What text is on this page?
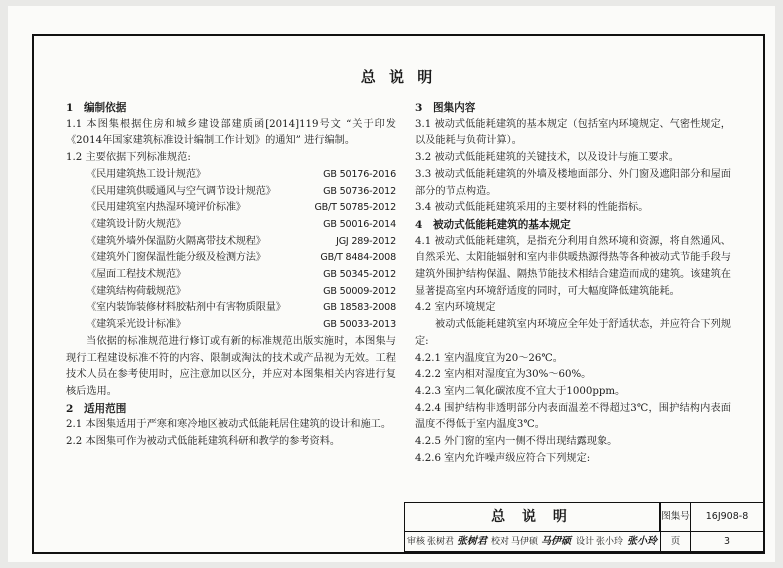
总 说 明
1　编制依据
1.1 本图集根据住房和城乡建设部建质函[2014]119号文 “关于印发《2014年国家建筑标准设计编制工作计划》的通知” 进行编制。
1.2 主要依据下列标准规范:
《民用建筑热工设计规范》	GB 50176-2016
《民用建筑供暖通风与空气调节设计规范》	GB 50736-2012
《民用建筑室内热湿环境评价标准》	GB/T 50785-2012
《建筑设计防火规范》	GB 50016-2014
《建筑外墙外保温防火隔离带技术规程》	JGJ 289-2012
《建筑外门窗保温性能分级及检测方法》	GB/T 8484-2008
《屋面工程技术规范》	GB 50345-2012
《建筑结构荷载规范》	GB 50009-2012
《室内装饰装修材料胶粘剂中有害物质限量》	GB 18583-2008
《建筑采光设计标准》	GB 50033-2013
当依据的标准规范进行修订或有新的标准规范出版实施时，本图集与现行工程建设标准不符的内容、限制或淘汰的技术或产品视为无效。工程技术人员在参考使用时，应注意加以区分，并应对本图集相关内容进行复核后选用。
2　适用范围
2.1 本图集适用于严寒和寒冷地区被动式低能耗居住建筑的设计和施工。
2.2 本图集可作为被动式低能耗建筑科研和教学的参考资料。
3　图集内容
3.1 被动式低能耗建筑的基本规定（包括室内环境规定、气密性规定，以及能耗与负荷计算）。
3.2 被动式低能耗建筑的关键技术，以及设计与施工要求。
3.3 被动式低能耗建筑的外墙及楼地面部分、外门窗及遮阳部分和屋面部分的节点构造。
3.4 被动式低能耗建筑采用的主要材料的性能指标。
4　被动式低能耗建筑的基本规定
4.1 被动式低能耗建筑，是指充分利用自然环境和资源，将自然通风、自然采光、太阳能辐射和室内非供暖热源得热等各种被动式节能手段与建筑外围护结构保温、隔热节能技术相结合建造而成的建筑。该建筑在显著提高室内环境舒适度的同时，可大幅度降低建筑能耗。
4.2 室内环境规定
被动式低能耗建筑室内环境应全年处于舒适状态，并应符合下列规定:
4.2.1 室内温度宜为20～26℃。
4.2.2 室内相对湿度宜为30%～60%。
4.2.3 室内二氧化碳浓度不宜大于1000ppm。
4.2.4 围护结构非透明部分内表面温差不得超过3℃，围护结构内表面温度不得低于室内温度3℃。
4.2.5 外门窗的室内一侧不得出现结露现象。
4.2.6 室内允许噪声级应符合下列规定:
总 说 明	图集号	16J908-8
审核 张树君 张树君 校对 马伊硕 马伊硕 设计 张小玲 张小玲	页	3
